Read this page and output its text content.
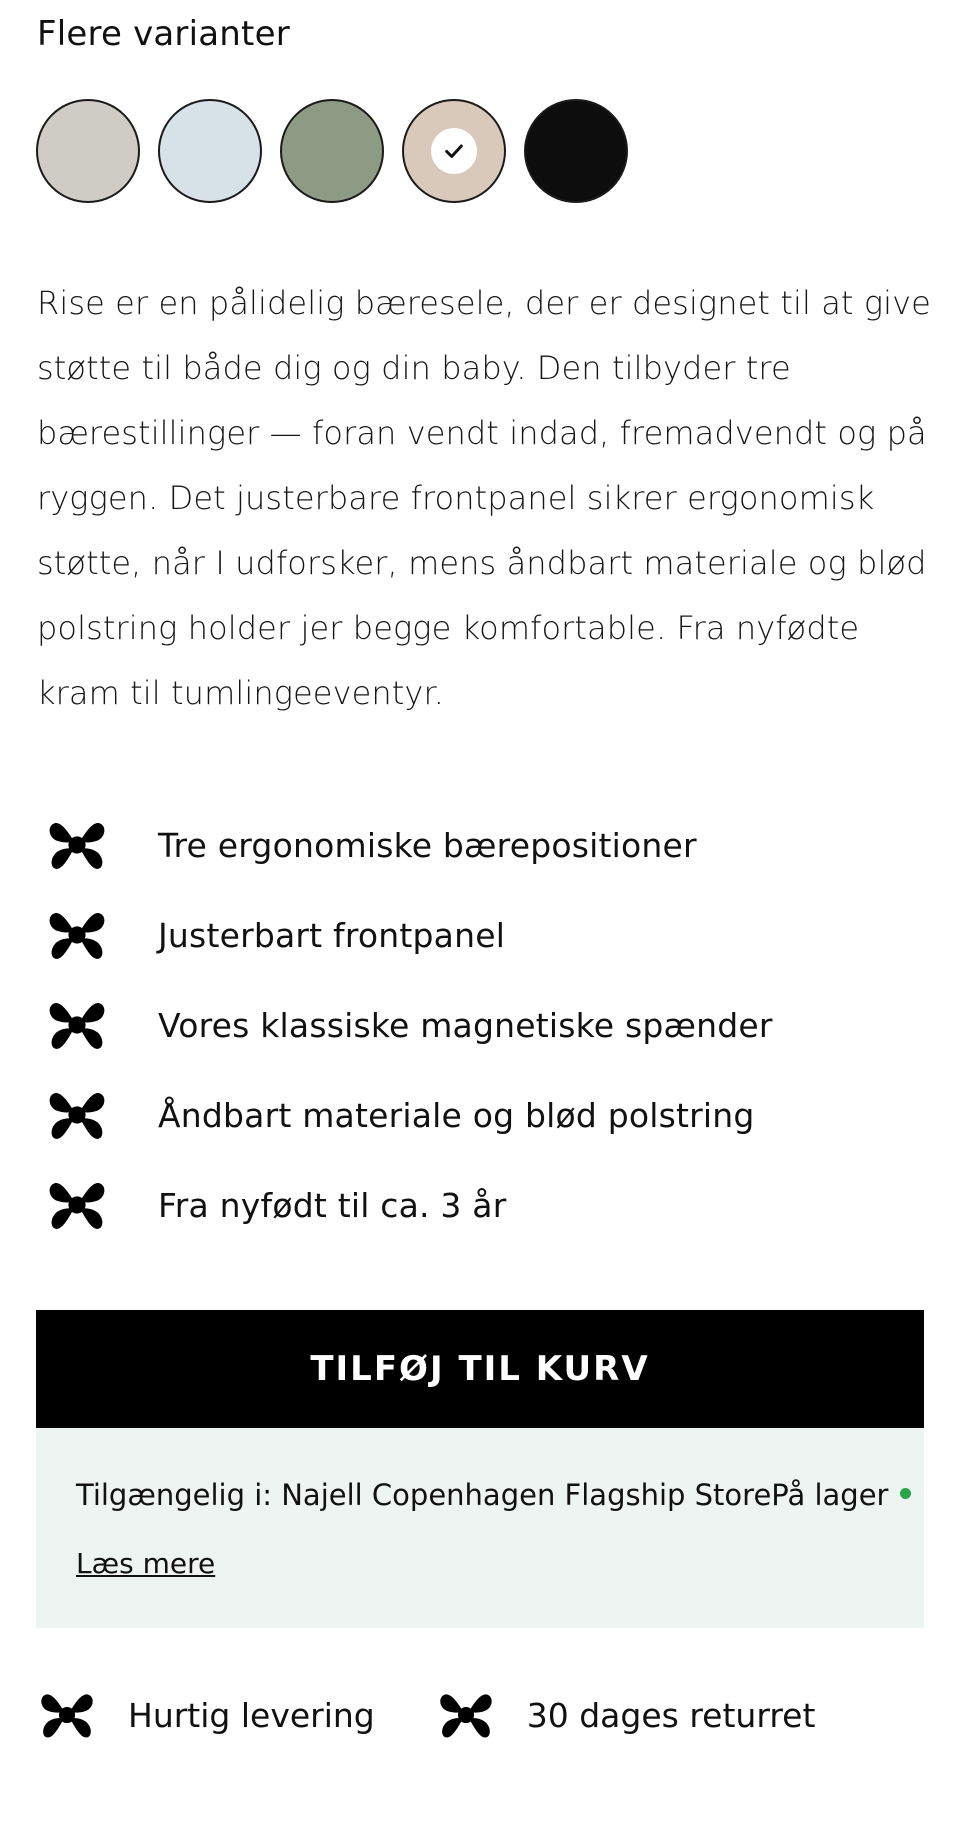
Flere varianter
Rise er en pålidelig bæresele, der er designet til at give støtte til både dig og din baby. Den tilbyder tre bærestillinger — foran vendt indad, fremadvendt og på ryggen. Det justerbare frontpanel sikrer ergonomisk støtte, når I udforsker, mens åndbart materiale og blød polstring holder jer begge komfortable. Fra nyfødte kram til tumlingeeventyr.
Tre ergonomiske bærepositioner
Justerbart frontpanel
Vores klassiske magnetiske spænder
Åndbart materiale og blød polstring
Fra nyfødt til ca. 3 år
TILFØJ TIL KURV
Tilgængelig i: Najell Copenhagen Flagship StorePå lager
Læs mere
Hurtig levering	30 dages returret
